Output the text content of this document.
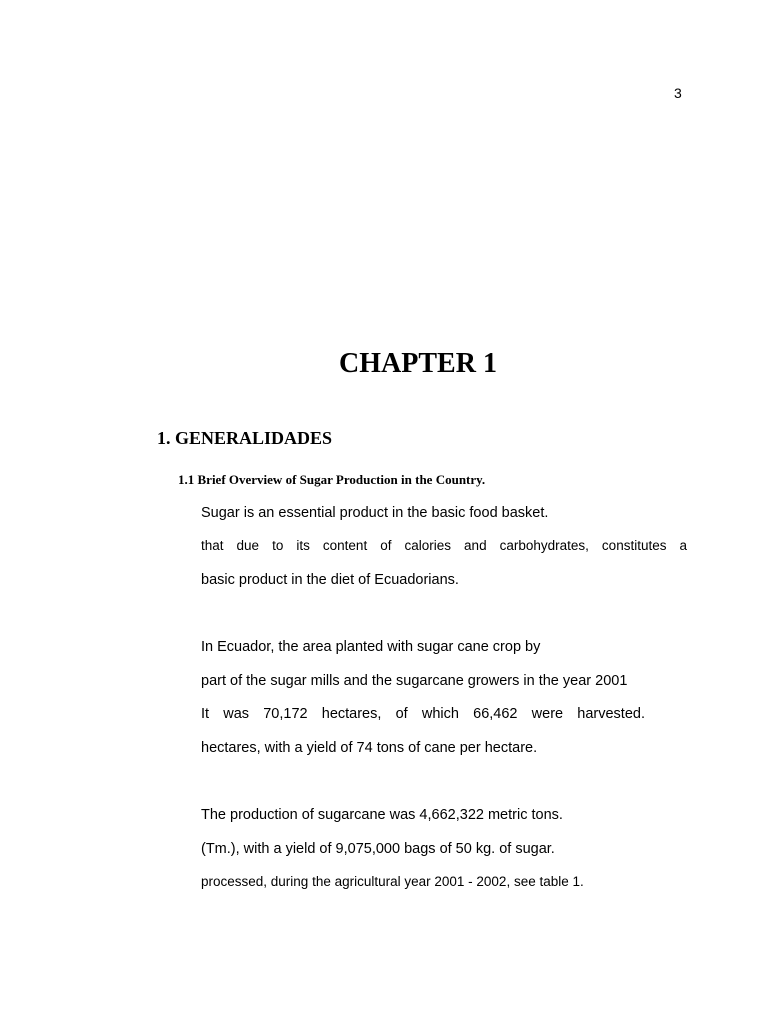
3
CHAPTER 1
1. GENERALIDADES
1.1 Brief Overview of Sugar Production in the Country.
Sugar is an essential product in the basic food basket.
that due to its content of calories and carbohydrates, constitutes a
basic product in the diet of Ecuadorians.
In Ecuador, the area planted with sugar cane crop by
part of the sugar mills and the sugarcane growers in the year 2001
It was 70,172 hectares, of which 66,462 were harvested.
hectares, with a yield of 74 tons of cane per hectare.
The production of sugarcane was 4,662,322 metric tons.
(Tm.), with a yield of 9,075,000 bags of 50 kg. of sugar.
processed, during the agricultural year 2001 - 2002, see table 1.
